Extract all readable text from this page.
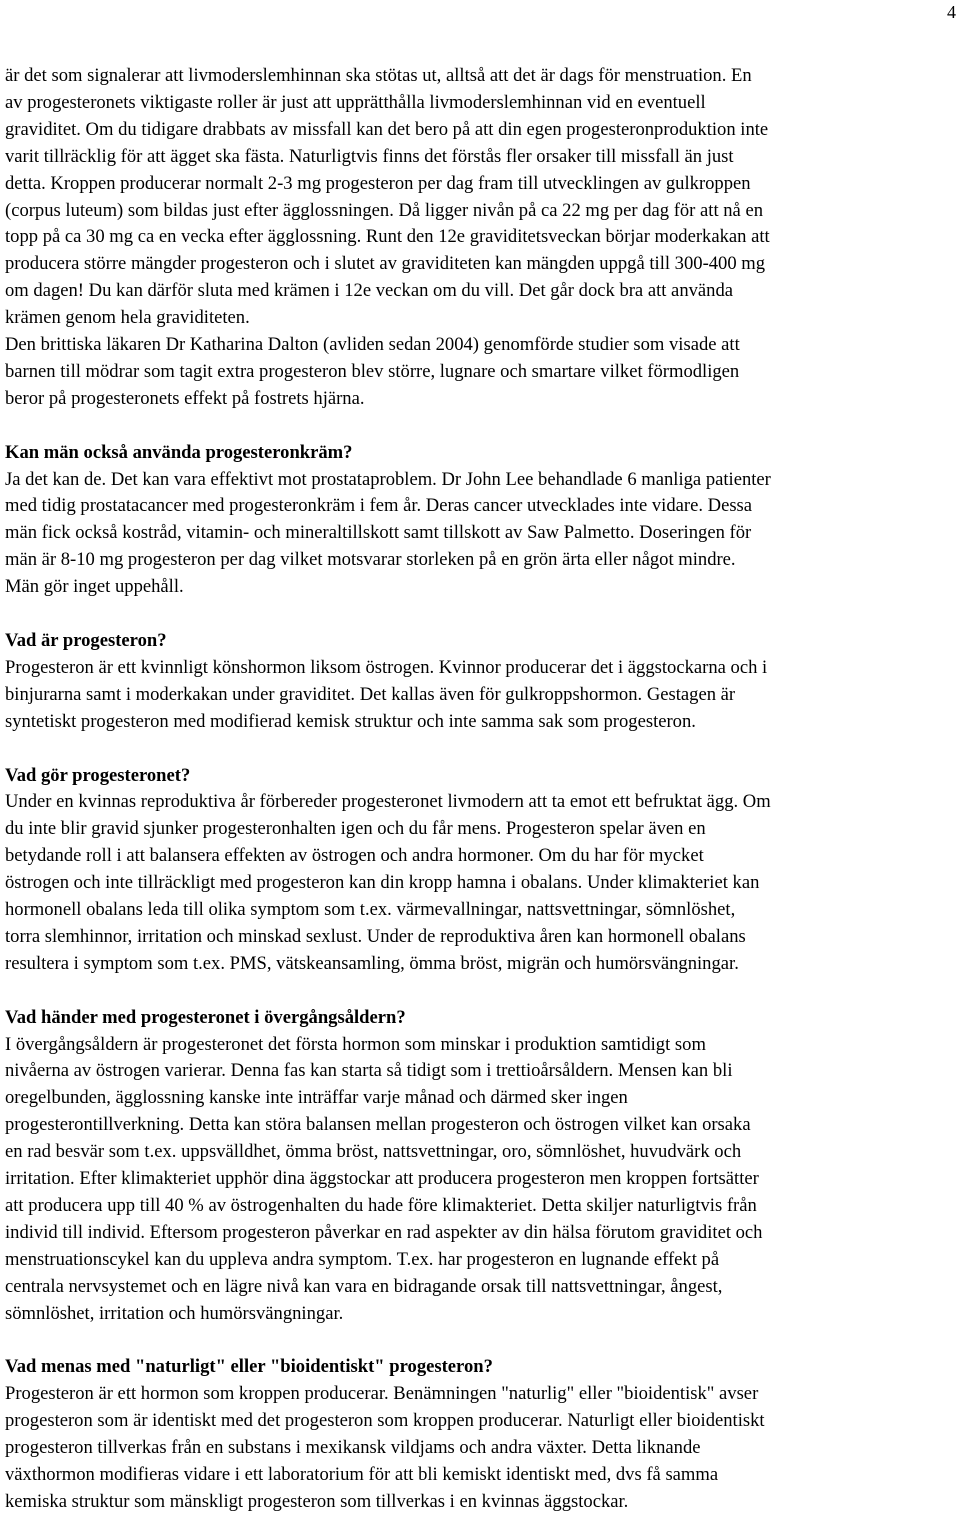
4

är det som signalerar att livmoderslemhinnan ska stötas ut, alltså att det är dags för menstruation. En
av progesteronets viktigaste roller är just att upprätthålla livmoderslemhinnan vid en eventuell
graviditet. Om du tidigare drabbats av missfall kan det bero på att din egen progesteronproduktion inte
varit tillräcklig för att ägget ska fästa. Naturligtvis finns det förstås fler orsaker till missfall än just
detta. Kroppen producerar normalt 2-3 mg progesteron per dag fram till utvecklingen av gulkroppen
(corpus luteum) som bildas just efter ägglossningen. Då ligger nivån på ca 22 mg per dag för att nå en
topp på ca 30 mg ca en vecka efter ägglossning. Runt den 12e graviditetsveckan börjar moderkakan att
producera större mängder progesteron och i slutet av graviditeten kan mängden uppgå till 300-400 mg
om dagen! Du kan därför sluta med krämen i 12e veckan om du vill. Det går dock bra att använda
krämen genom hela graviditeten.
Den brittiska läkaren Dr Katharina Dalton (avliden sedan 2004) genomförde studier som visade att
barnen till mödrar som tagit extra progesteron blev större, lugnare och smartare vilket förmodligen
beror på progesteronets effekt på fostrets hjärna.

Kan män också använda progesteronkräm?

Ja det kan de. Det kan vara effektivt mot prostataproblem. Dr John Lee behandlade 6 manliga patienter
med tidig prostatacancer med progesteronkräm i fem år. Deras cancer utvecklades inte vidare. Dessa
män fick också kostråd, vitamin- och mineraltillskott samt tillskott av Saw Palmetto. Doseringen för
män är 8-10 mg progesteron per dag vilket motsvarar storleken på en grön ärta eller något mindre.
Män gör inget uppehåll.

Vad är progesteron?

Progesteron är ett kvinnligt könshormon liksom östrogen. Kvinnor producerar det i äggstockarna och i
binjurarna samt i moderkakan under graviditet. Det kallas även för gulkroppshormon. Gestagen är
syntetiskt progesteron med modifierad kemisk struktur och inte samma sak som progesteron.

Vad gör progesteronet?

Under en kvinnas reproduktiva år förbereder progesteronet livmodern att ta emot ett befruktat ägg. Om
du inte blir gravid sjunker progesteronhalten igen och du får mens. Progesteron spelar även en
betydande roll i att balansera effekten av östrogen och andra hormoner. Om du har för mycket
östrogen och inte tillräckligt med progesteron kan din kropp hamna i obalans. Under klimakteriet kan
hormonell obalans leda till olika symptom som t.ex. värmevallningar, nattsvettningar, sömnlöshet,
torra slemhinnor, irritation och minskad sexlust. Under de reproduktiva åren kan hormonell obalans
resultera i symptom som t.ex. PMS, vätskeansamling, ömma bröst, migrän och humörsvängningar.

Vad händer med progesteronet i övergångsåldern?

I övergångsåldern är progesteronet det första hormon som minskar i produktion samtidigt som
nivåerna av östrogen varierar. Denna fas kan starta så tidigt som i trettioårsåldern. Mensen kan bli
oregelbunden, ägglossning kanske inte inträffar varje månad och därmed sker ingen
progesterontillverkning. Detta kan störa balansen mellan progesteron och östrogen vilket kan orsaka
en rad besvär som t.ex. uppsvälldhet, ömma bröst, nattsvettningar, oro, sömnlöshet, huvudvärk och
irritation. Efter klimakteriet upphör dina äggstockar att producera progesteron men kroppen fortsätter
att producera upp till 40 % av östrogenhalten du hade före klimakteriet. Detta skiljer naturligtvis från
individ till individ. Eftersom progesteron påverkar en rad aspekter av din hälsa förutom graviditet och
menstruationscykel kan du uppleva andra symptom. T.ex. har progesteron en lugnande effekt på
centrala nervsystemet och en lägre nivå kan vara en bidragande orsak till nattsvettningar, ångest,
sömnlöshet, irritation och humörsvängningar.

Vad menas med "naturligt" eller "bioidentiskt" progesteron?

Progesteron är ett hormon som kroppen producerar. Benämningen "naturlig" eller "bioidentisk" avser
progesteron som är identiskt med det progesteron som kroppen producerar. Naturligt eller bioidentiskt
progesteron tillverkas från en substans i mexikansk vildjams och andra växter. Detta liknande
växthormon modifieras vidare i ett laboratorium för att bli kemiskt identiskt med, dvs få samma
kemiska struktur som mänskligt progesteron som tillverkas i en kvinnas äggstockar.
